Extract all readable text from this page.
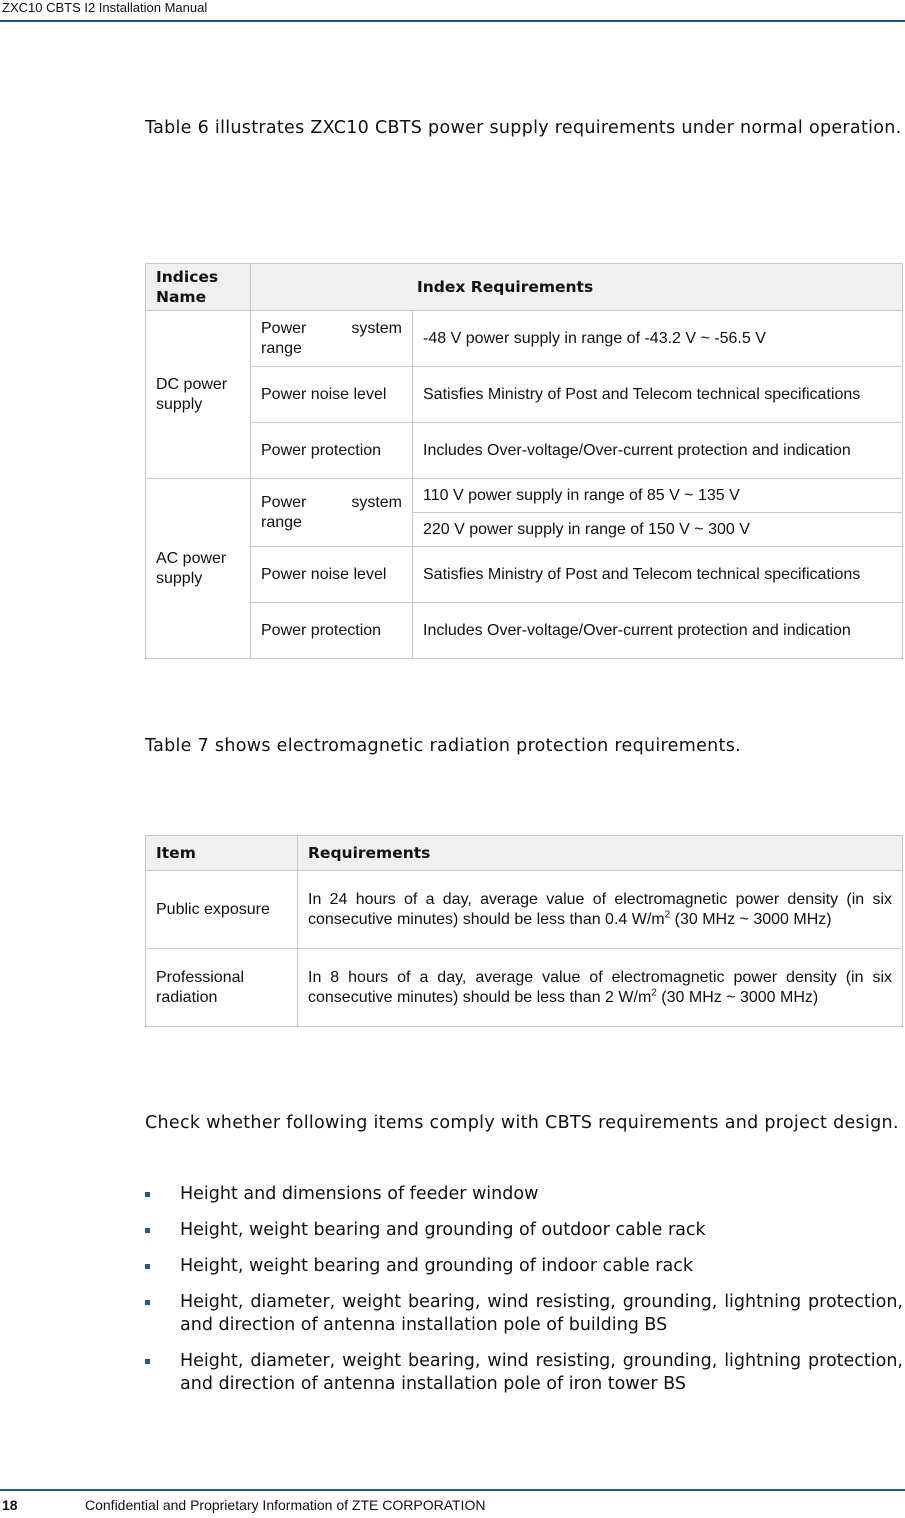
ZXC10 CBTS I2 Installation Manual

Table 6 illustrates ZXC10 CBTS power supply requirements under normal operation.

Indices Name	Index Requirements	
DC power supply	Power system range	-48 V power supply in range of -43.2 V ~ -56.5 V
	Power noise level	Satisfies Ministry of Post and Telecom technical specifications
	Power protection	Includes Over-voltage/Over-current protection and indication
AC power supply	Power system range	110 V power supply in range of 85 V ~ 135 V
		220 V power supply in range of 150 V ~ 300 V
	Power noise level	Satisfies Ministry of Post and Telecom technical specifications
	Power protection	Includes Over-voltage/Over-current protection and indication

Table 7 shows electromagnetic radiation protection requirements.

Item	Requirements
Public exposure	In 24 hours of a day, average value of electromagnetic power density (in six consecutive minutes) should be less than 0.4 $W/m^2$ (30 MHz ~ 3000 MHz)
Professional radiation	In 8 hours of a day, average value of electromagnetic power density (in six consecutive minutes) should be less than 2 $W/m^2$ (30 MHz ~ 3000 MHz)

Check whether following items comply with CBTS requirements and project design.

Height and dimensions of feeder window
Height, weight bearing and grounding of outdoor cable rack
Height, weight bearing and grounding of indoor cable rack
Height, diameter, weight bearing, wind resisting, grounding, lightning protection, and direction of antenna installation pole of building BS
Height, diameter, weight bearing, wind resisting, grounding, lightning protection, and direction of antenna installation pole of iron tower BS
18	Confidential and Proprietary Information of ZTE CORPORATION
